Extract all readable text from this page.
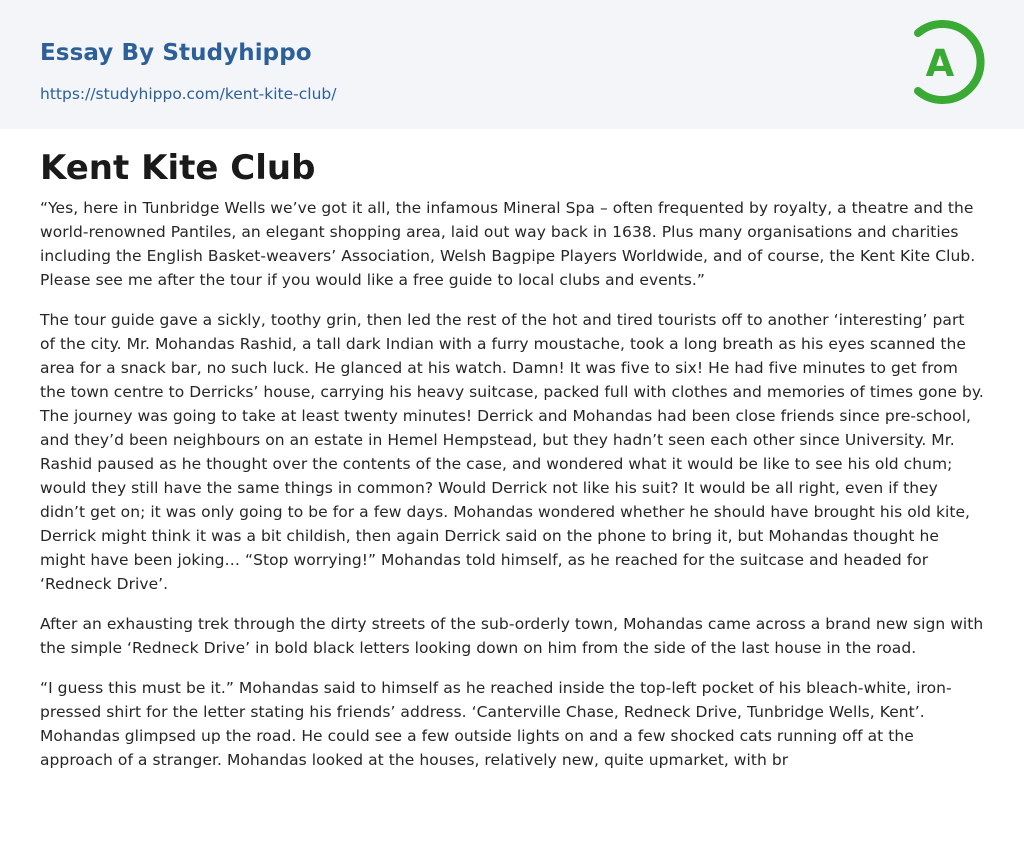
Essay By Studyhippo
https://studyhippo.com/kent-kite-club/
A
Kent Kite Club

“Yes, here in Tunbridge Wells we’ve got it all, the infamous Mineral Spa – often frequented by royalty, a theatre and the world-renowned Pantiles, an elegant shopping area, laid out way back in 1638. Plus many organisations and charities including the English Basket-weavers’ Association, Welsh Bagpipe Players Worldwide, and of course, the Kent Kite Club. Please see me after the tour if you would like a free guide to local clubs and events.”

The tour guide gave a sickly, toothy grin, then led the rest of the hot and tired tourists off to another ‘interesting’ part of the city. Mr. Mohandas Rashid, a tall dark Indian with a furry moustache, took a long breath as his eyes scanned the area for a snack bar, no such luck. He glanced at his watch. Damn! It was five to six! He had five minutes to get from the town centre to Derricks’ house, carrying his heavy suitcase, packed full with clothes and memories of times gone by. The journey was going to take at least twenty minutes! Derrick and Mohandas had been close friends since pre-school, and they’d been neighbours on an estate in Hemel Hempstead, but they hadn’t seen each other since University. Mr. Rashid paused as he thought over the contents of the case, and wondered what it would be like to see his old chum; would they still have the same things in common? Would Derrick not like his suit? It would be all right, even if they didn’t get on; it was only going to be for a few days. Mohandas wondered whether he should have brought his old kite, Derrick might think it was a bit childish, then again Derrick said on the phone to bring it, but Mohandas thought he might have been joking… “Stop worrying!” Mohandas told himself, as he reached for the suitcase and headed for ‘Redneck Drive’.

After an exhausting trek through the dirty streets of the sub-orderly town, Mohandas came across a brand new sign with the simple ‘Redneck Drive’ in bold black letters looking down on him from the side of the last house in the road.

“I guess this must be it.” Mohandas said to himself as he reached inside the top-left pocket of his bleach-white, iron-pressed shirt for the letter stating his friends’ address. ‘Canterville Chase, Redneck Drive, Tunbridge Wells, Kent’. Mohandas glimpsed up the road. He could see a few outside lights on and a few shocked cats running off at the approach of a stranger. Mohandas looked at the houses, relatively new, quite upmarket, with br
